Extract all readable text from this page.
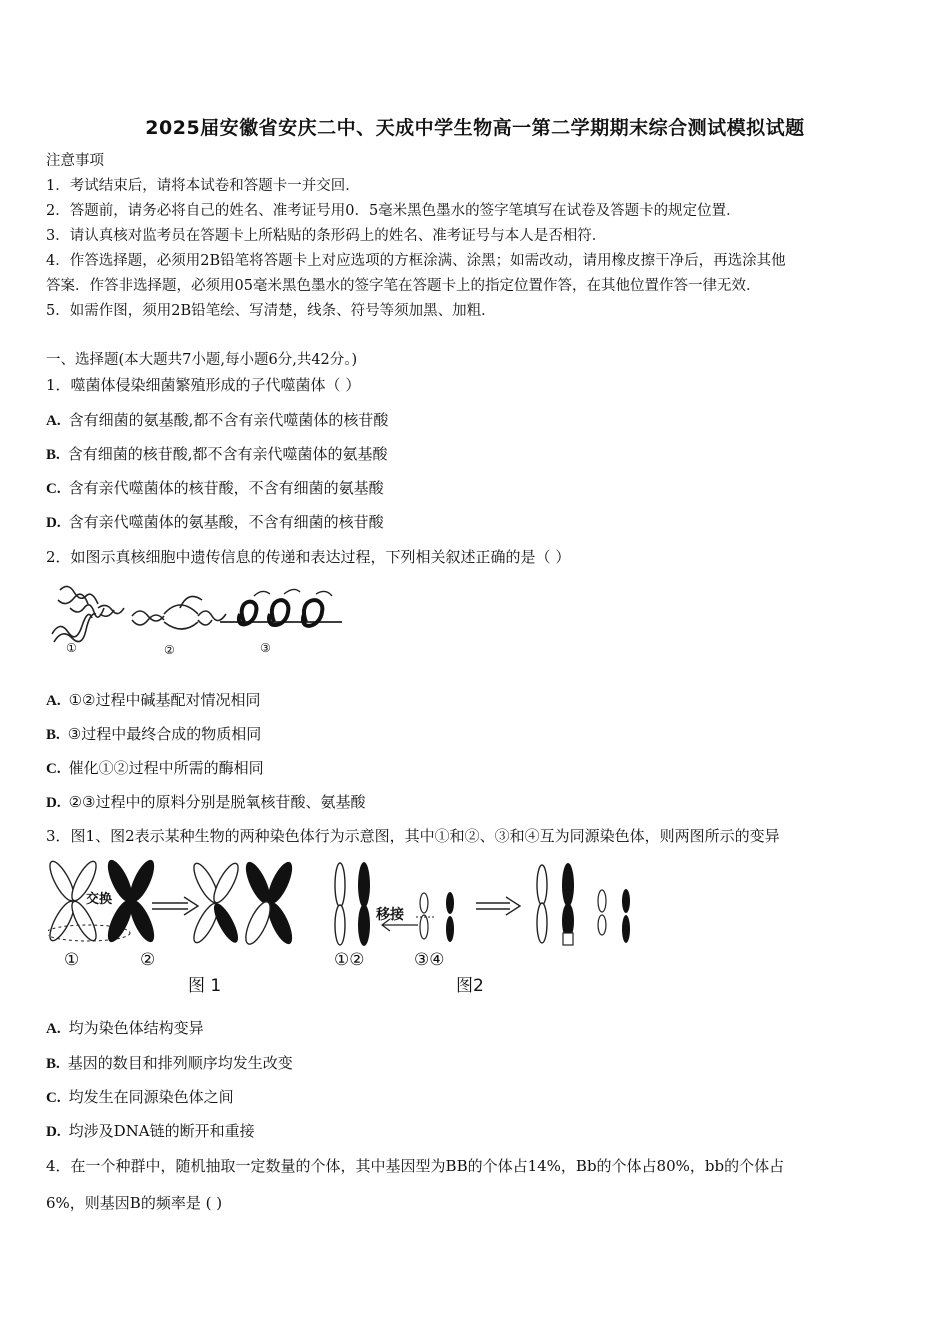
2025届安徽省安庆二中、天成中学生物高一第二学期期末综合测试模拟试题
注意事项
1．考试结束后，请将本试卷和答题卡一并交回．
2．答题前，请务必将自己的姓名、准考证号用0．5毫米黑色墨水的签字笔填写在试卷及答题卡的规定位置．
3．请认真核对监考员在答题卡上所粘贴的条形码上的姓名、准考证号与本人是否相符．
4．作答选择题，必须用2B铅笔将答题卡上对应选项的方框涂满、涂黑；如需改动，请用橡皮擦干净后，再选涂其他
答案．作答非选择题，必须用05毫米黑色墨水的签字笔在答题卡上的指定位置作答，在其他位置作答一律无效．
5．如需作图，须用2B铅笔绘、写清楚，线条、符号等须加黑、加粗．
一、选择题(本大题共7小题,每小题6分,共42分。)
1．噬菌体侵染细菌繁殖形成的子代噬菌体（ ）
A. 含有细菌的氨基酸,都不含有亲代噬菌体的核苷酸
B. 含有细菌的核苷酸,都不含有亲代噬菌体的氨基酸
C. 含有亲代噬菌体的核苷酸，不含有细菌的氨基酸
D. 含有亲代噬菌体的氨基酸，不含有细菌的核苷酸
2．如图示真核细胞中遗传信息的传递和表达过程，下列相关叙述正确的是（ ）
①	②	③
A. ①②过程中碱基配对情况相同
B. ③过程中最终合成的物质相同
C. 催化①②过程中所需的酶相同
D. ②③过程中的原料分别是脱氧核苷酸、氨基酸
3．图1、图2表示某种生物的两种染色体行为示意图，其中①和②、③和④互为同源染色体，则两图所示的变异
交换
①	②
图 1
移接
①②	③④
图2
A. 均为染色体结构变异
B. 基因的数目和排列顺序均发生改变
C. 均发生在同源染色体之间
D. 均涉及DNA链的断开和重接
4．在一个种群中，随机抽取一定数量的个体，其中基因型为BB的个体占14%，Bb的个体占80%，bb的个体占
6%，则基因B的频率是 ( )
